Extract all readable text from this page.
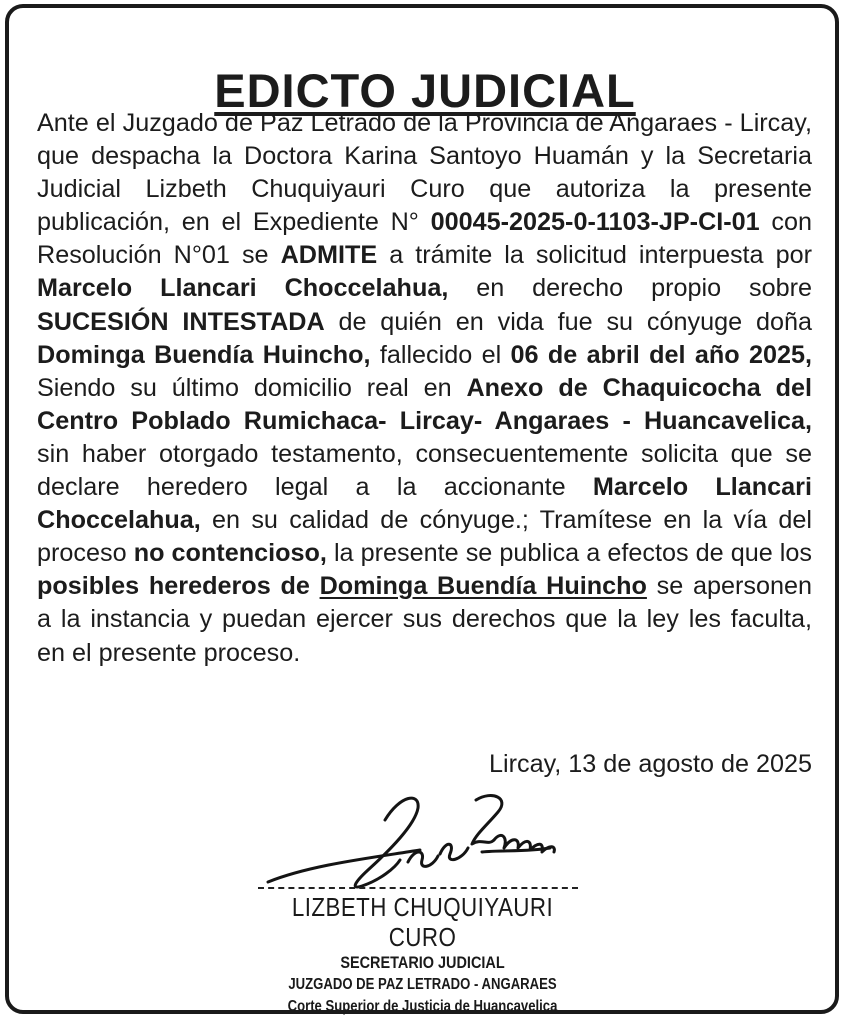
EDICTO JUDICIAL
Ante el Juzgado de Paz Letrado de la Provincia de Angaraes - Lircay, que despacha la Doctora Karina Santoyo Huamán y la Secretaria Judicial Lizbeth Chuquiyauri Curo que autoriza la presente publicación, en el Expediente N° 00045-2025-0-1103-JP-CI-01 con Resolución N°01 se ADMITE a trámite la solicitud interpuesta por Marcelo Llancari Choccelahua, en derecho propio sobre SUCESIÓN INTESTADA de quién en vida fue su cónyuge doña Dominga Buendía Huincho, fallecido el 06 de abril del año 2025, Siendo su último domicilio real en Anexo de Chaquicocha del Centro Poblado Rumichaca- Lircay- Angaraes - Huancavelica, sin haber otorgado testamento, consecuentemente solicita que se declare heredero legal a la accionante Marcelo Llancari Choccelahua, en su calidad de cónyuge.; Tramítese en la vía del proceso no contencioso, la presente se publica a efectos de que los posibles herederos de Dominga Buendía Huincho se apersonen a la instancia y puedan ejercer sus derechos que la ley les faculta, en el presente proceso.
Lircay, 13 de agosto de 2025
LIZBETH CHUQUIYAURI CURO
SECRETARIO JUDICIAL
JUZGADO DE PAZ LETRADO - ANGARAES
Corte Superior de Justicia de Huancavelica
